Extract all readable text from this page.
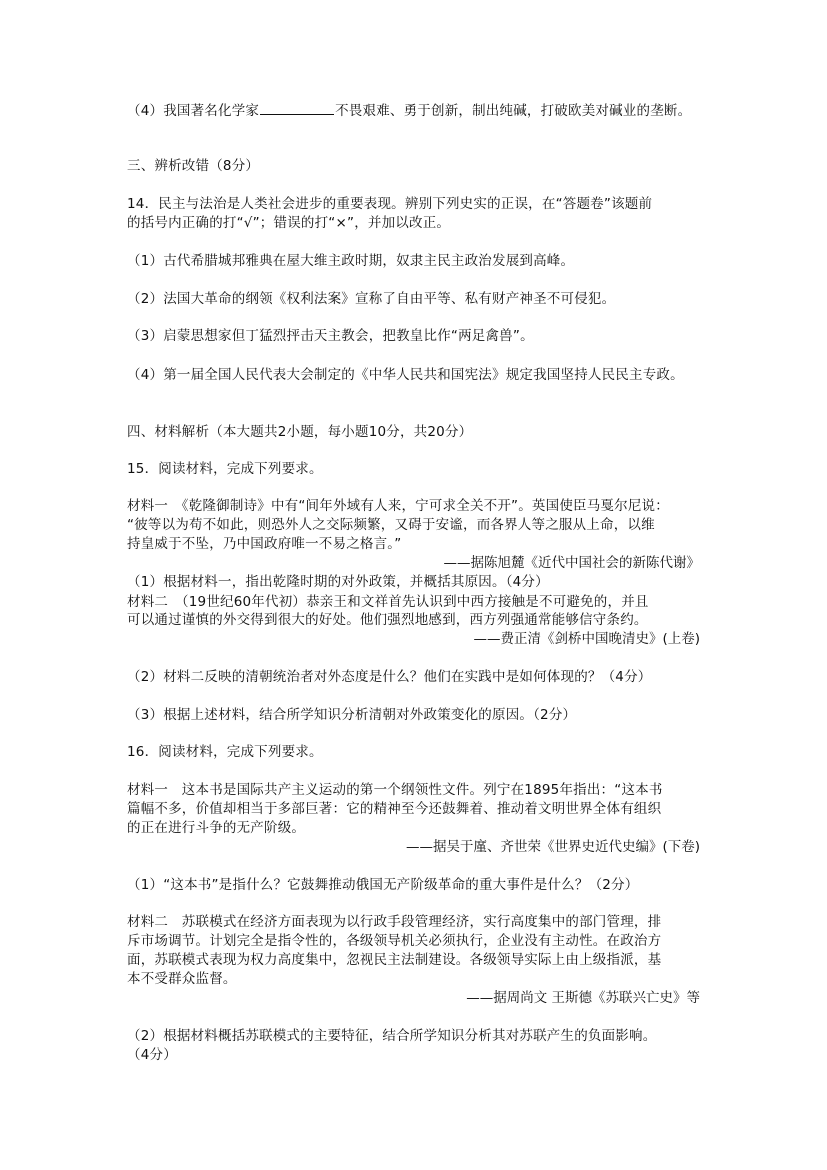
（4）我国著名化学家	不畏艰难、勇于创新，制出纯碱，打破欧美对碱业的垄断。
三、辨析改错（8分）
14．民主与法治是人类社会进步的重要表现。辨别下列史实的正误，在“答题卷”该题前
的括号内正确的打“√”；错误的打“×”，并加以改正。
（1）古代希腊城邦雅典在屋大维主政时期，奴隶主民主政治发展到高峰。
（2）法国大革命的纲领《权利法案》宣称了自由平等、私有财产神圣不可侵犯。
（3）启蒙思想家但丁猛烈抨击天主教会，把教皇比作“两足禽兽”。
（4）第一届全国人民代表大会制定的《中华人民共和国宪法》规定我国坚持人民民主专政。
四、材料解析（本大题共2小题，每小题10分，共20分）
15．阅读材料，完成下列要求。
材料一　《乾隆御制诗》中有“间年外域有人来，宁可求全关不开”。英国使臣马戛尔尼说：
“彼等以为苟不如此，则恐外人之交际频繁，又碍于安谧，而各界人等之服从上命，以维
持皇威于不坠，乃中国政府唯一不易之格言。”
——据陈旭麓《近代中国社会的新陈代谢》
（1）根据材料一，指出乾隆时期的对外政策，并概括其原因。（4分）
材料二　（19世纪60年代初）恭亲王和文祥首先认识到中西方接触是不可避免的，并且
可以通过谨慎的外交得到很大的好处。他们强烈地感到，西方列强通常能够信守条约。
——费正清《剑桥中国晚清史》(上卷)
（2）材料二反映的清朝统治者对外态度是什么？他们在实践中是如何体现的？（4分）
（3）根据上述材料，结合所学知识分析清朝对外政策变化的原因。（2分）
16．阅读材料，完成下列要求。
材料一　这本书是国际共产主义运动的第一个纲领性文件。列宁在1895年指出：“这本书
篇幅不多，价值却相当于多部巨著：它的精神至今还鼓舞着、推动着文明世界全体有组织
的正在进行斗争的无产阶级。
——据吴于廑、齐世荣《世界史近代史编》(下卷)
（1）“这本书”是指什么？它鼓舞推动俄国无产阶级革命的重大事件是什么？（2分）
材料二　苏联模式在经济方面表现为以行政手段管理经济，实行高度集中的部门管理，排
斥市场调节。计划完全是指令性的，各级领导机关必须执行，企业没有主动性。在政治方
面，苏联模式表现为权力高度集中，忽视民主法制建设。各级领导实际上由上级指派，基
本不受群众监督。
——据周尚文 王斯德《苏联兴亡史》等
（2）根据材料概括苏联模式的主要特征，结合所学知识分析其对苏联产生的负面影响。
（4分）
